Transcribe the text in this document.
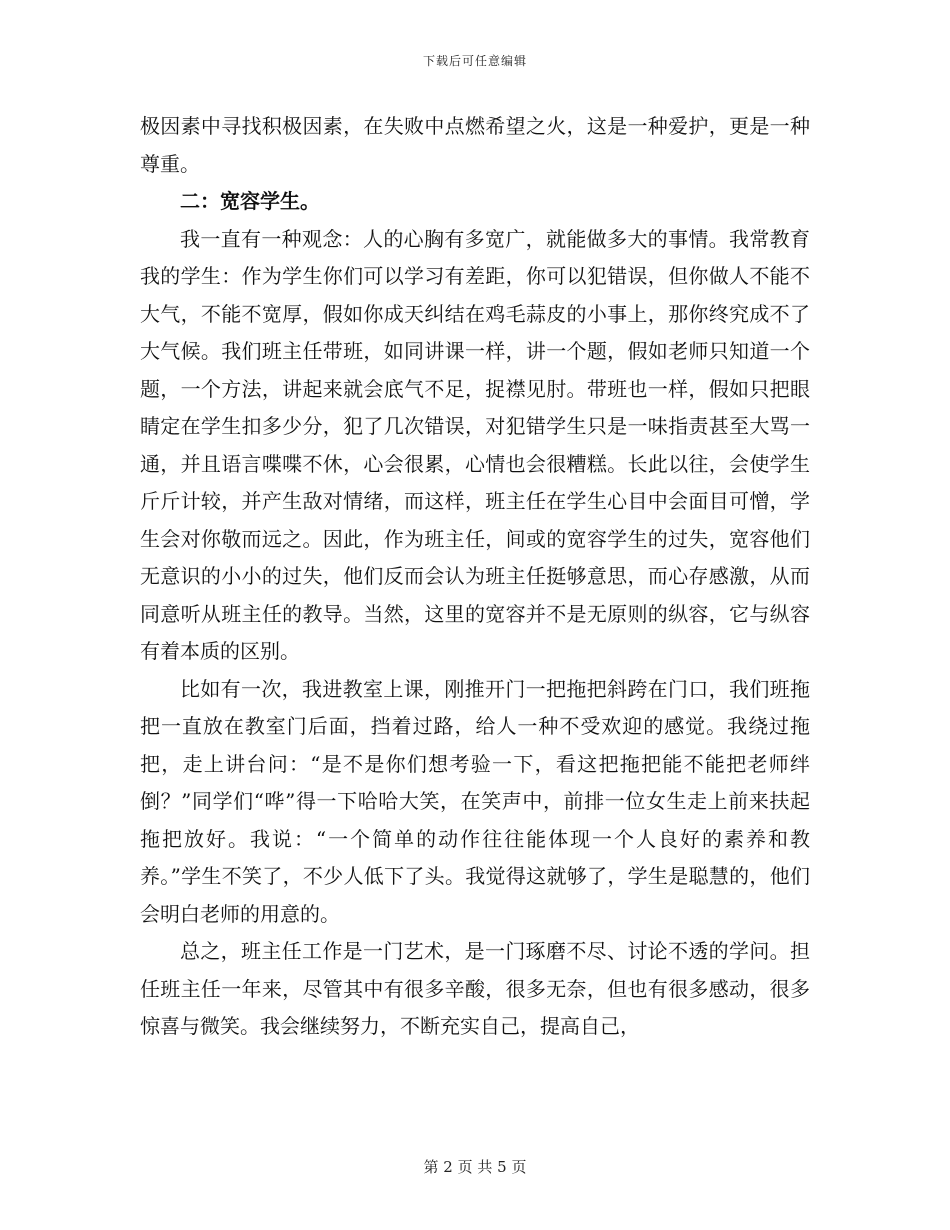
下载后可任意编辑

极因素中寻找积极因素，在失败中点燃希望之火，这是一种爱护，更是一种尊重。

二：宽容学生。

我一直有一种观念：人的心胸有多宽广，就能做多大的事情。我常教育我的学生：作为学生你们可以学习有差距，你可以犯错误，但你做人不能不大气，不能不宽厚，假如你成天纠结在鸡毛蒜皮的小事上，那你终究成不了大气候。我们班主任带班，如同讲课一样，讲一个题，假如老师只知道一个题，一个方法，讲起来就会底气不足，捉襟见肘。带班也一样，假如只把眼睛定在学生扣多少分，犯了几次错误，对犯错学生只是一味指责甚至大骂一通，并且语言喋喋不休，心会很累，心情也会很糟糕。长此以往，会使学生斤斤计较，并产生敌对情绪，而这样，班主任在学生心目中会面目可憎，学生会对你敬而远之。因此，作为班主任，间或的宽容学生的过失，宽容他们无意识的小小的过失，他们反而会认为班主任挺够意思，而心存感激，从而同意听从班主任的教导。当然，这里的宽容并不是无原则的纵容，它与纵容有着本质的区别。

比如有一次，我进教室上课，刚推开门一把拖把斜跨在门口，我们班拖把一直放在教室门后面，挡着过路，给人一种不受欢迎的感觉。我绕过拖把，走上讲台问：“是不是你们想考验一下，看这把拖把能不能把老师绊倒？”同学们“哗”得一下哈哈大笑，在笑声中，前排一位女生走上前来扶起拖把放好。我说：“一个简单的动作往往能体现一个人良好的素养和教养。”学生不笑了，不少人低下了头。我觉得这就够了，学生是聪慧的，他们会明白老师的用意的。

总之，班主任工作是一门艺术，是一门琢磨不尽、讨论不透的学问。担任班主任一年来，尽管其中有很多辛酸，很多无奈，但也有很多感动，很多惊喜与微笑。我会继续努力，不断充实自己，提高自己，

第 2 页 共 5 页
